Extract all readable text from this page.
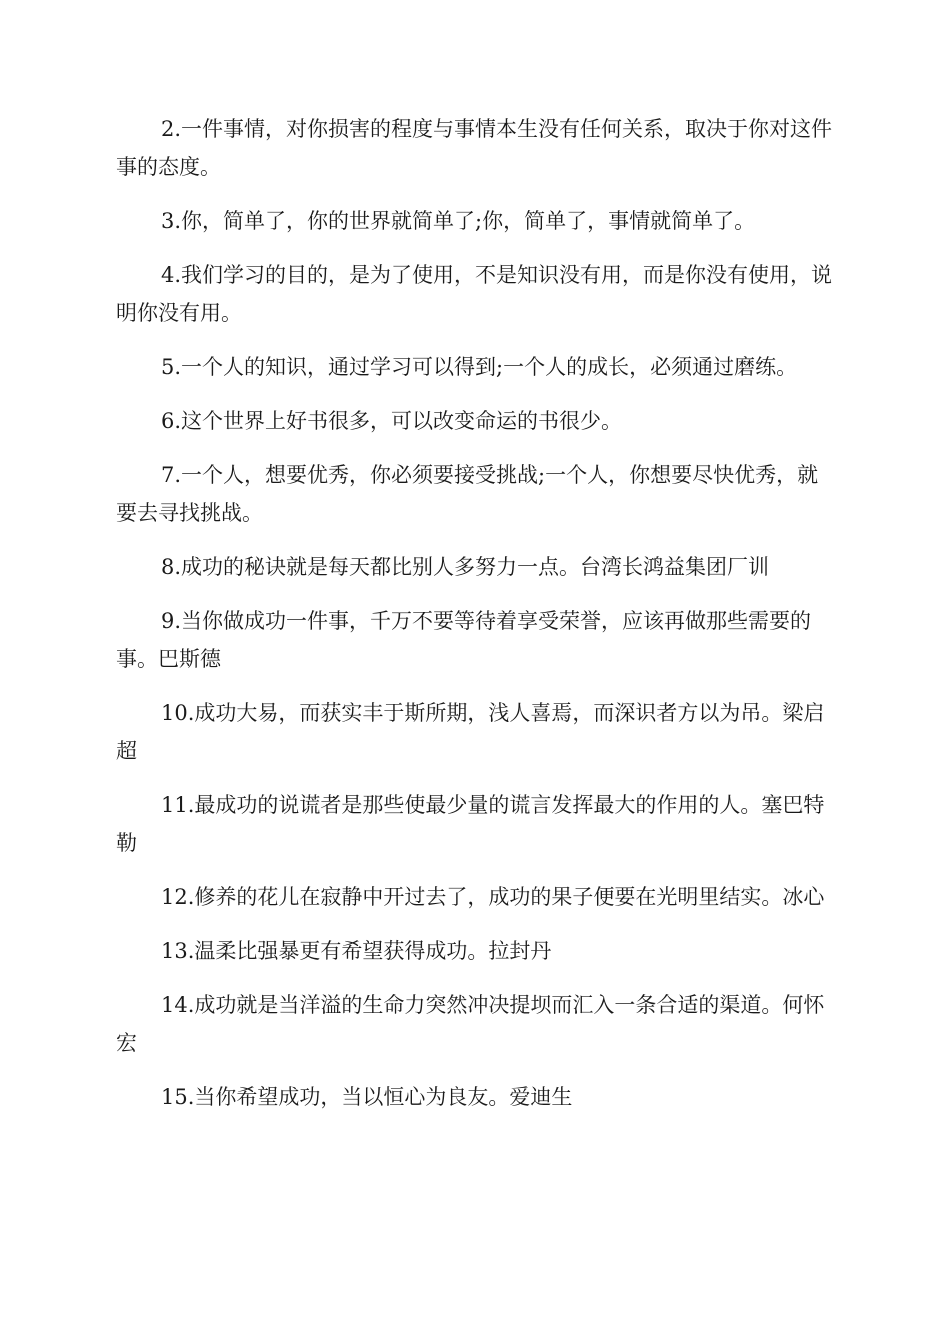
2.一件事情，对你损害的程度与事情本生没有任何关系，取决于你对这件事的态度。

3.你，简单了，你的世界就简单了;你，简单了，事情就简单了。

4.我们学习的目的，是为了使用，不是知识没有用，而是你没有使用，说明你没有用。

5.一个人的知识，通过学习可以得到;一个人的成长，必须通过磨练。

6.这个世界上好书很多，可以改变命运的书很少。

7.一个人，想要优秀，你必须要接受挑战;一个人，你想要尽快优秀，就要去寻找挑战。

8.成功的秘诀就是每天都比别人多努力一点。台湾长鸿益集团厂训

9.当你做成功一件事，千万不要等待着享受荣誉，应该再做那些需要的事。巴斯德

10.成功大易，而获实丰于斯所期，浅人喜焉，而深识者方以为吊。梁启超

11.最成功的说谎者是那些使最少量的谎言发挥最大的作用的人。塞巴特勒

12.修养的花儿在寂静中开过去了，成功的果子便要在光明里结实。冰心

13.温柔比强暴更有希望获得成功。拉封丹

14.成功就是当洋溢的生命力突然冲决提坝而汇入一条合适的渠道。何怀宏

15.当你希望成功，当以恒心为良友。爱迪生
